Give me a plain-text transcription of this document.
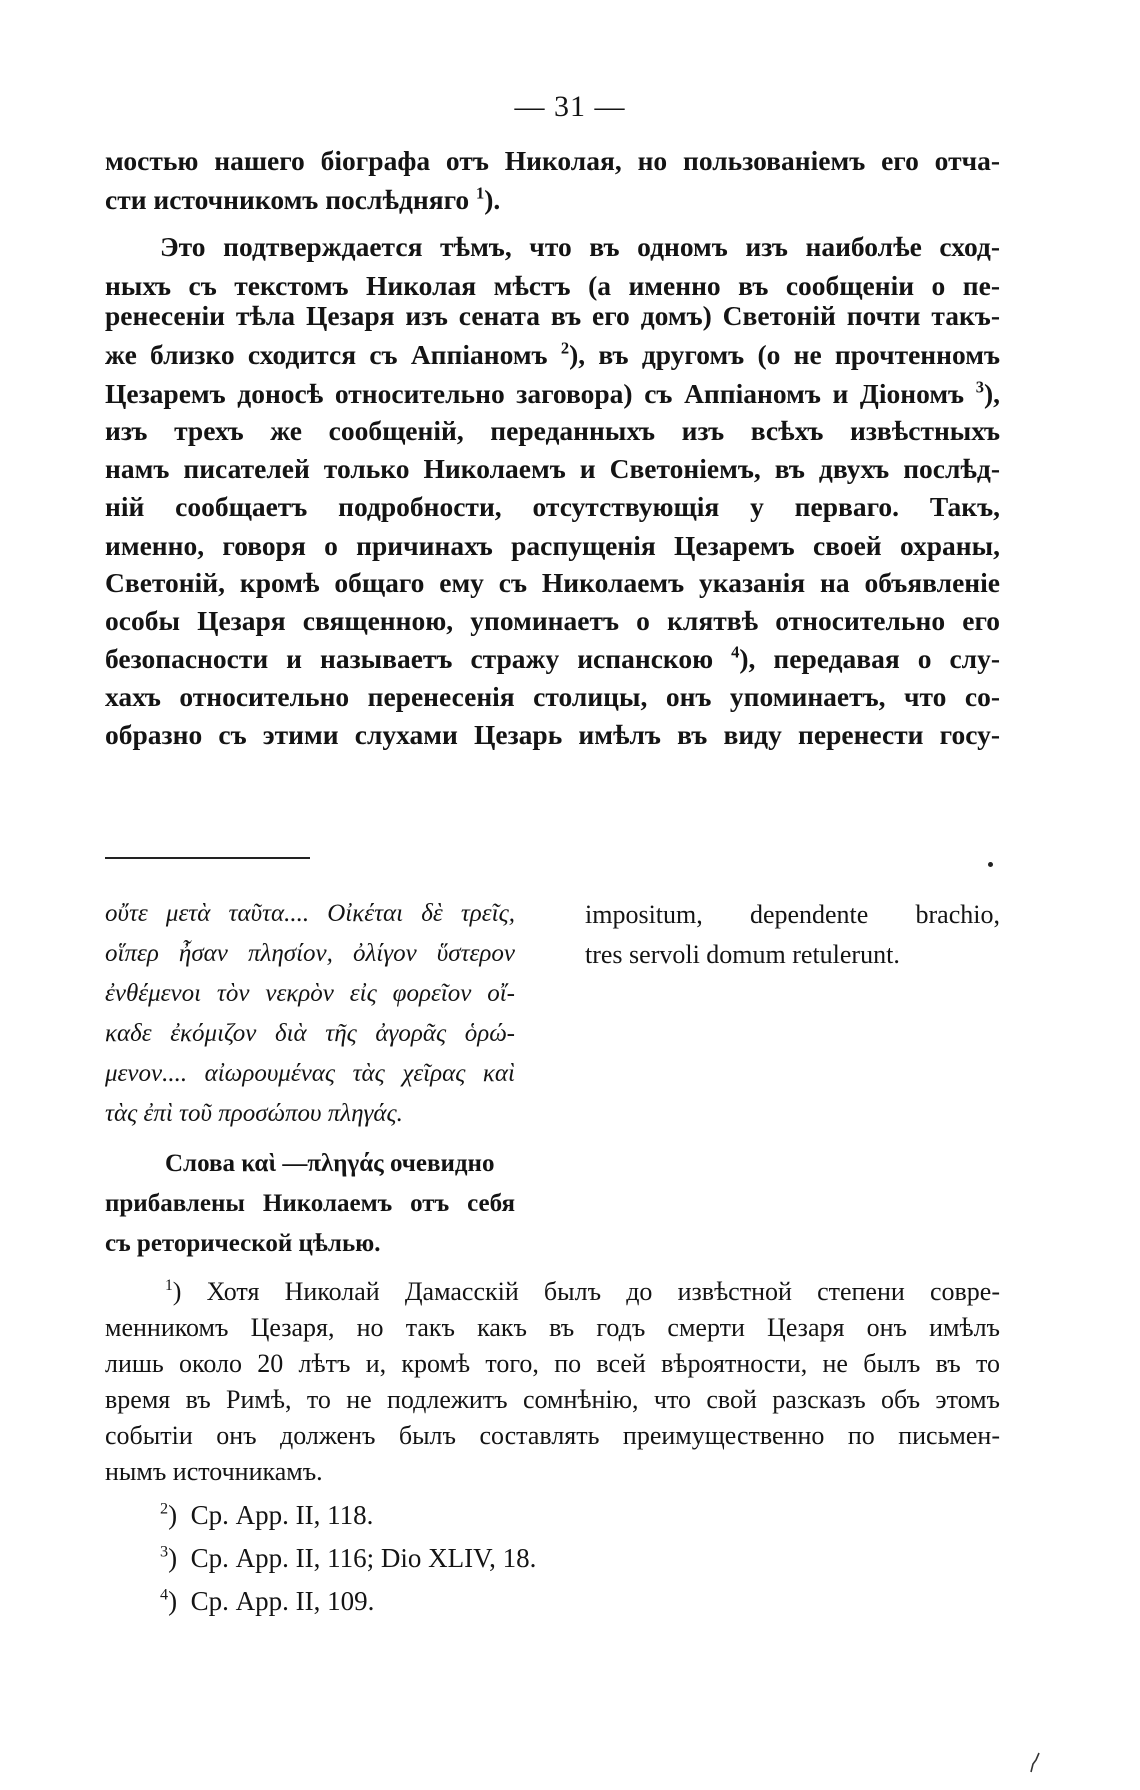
— 31 —
мостью нашего біографа отъ Николая, но пользованіемъ его отча-
сти источникомъ послѣдняго $^1$).
Это подтверждается тѣмъ, что въ одномъ изъ наиболѣе сход-
ныхъ съ текстомъ Николая мѣстъ (а именно въ сообщеніи о пе-
ренесеніи тѣла Цезаря изъ сената въ его домъ) Светоній почти такъ-
же близко сходится съ Аппіаномъ $^2$), въ другомъ (о не прочтенномъ
Цезаремъ доносѣ относительно заговора) съ Аппіаномъ и Діономъ $^3$),
изъ трехъ же сообщеній, переданныхъ изъ всѣхъ извѣстныхъ
намъ писателей только Николаемъ и Светоніемъ, въ двухъ послѣд-
ній сообщаетъ подробности, отсутствующія у перваго. Такъ,
именно, говоря о причинахъ распущенія Цезаремъ своей охраны,
Светоній, кромѣ общаго ему съ Николаемъ указанія на объявленіе
особы Цезаря священною, упоминаетъ о клятвѣ относительно его
безопасности и называетъ стражу испанскою $^4$), передавая о слу-
хахъ относительно перенесенія столицы, онъ упоминаетъ, что со-
образно съ этими слухами Цезарь имѣлъ въ виду перенести госу-
οὔτε μετὰ ταῦτα.... Οἰκέται δὲ τρεῖς,
οἵπερ ἦσαν πλησίον, ὀλίγον ὕστερον
ἐνθέμενοι τὸν νεκρὸν εἰς φορεῖον οἴ-
καδε ἐκόμιζον διὰ τῆς ἀγορᾶς ὁρώ-
μενον.... αἰωρουμένας τὰς χεῖρας καὶ
τὰς ἐπὶ τοῦ προσώπου πληγάς.
impositum, dependente brachio,
tres servoli domum retulerunt.
Слова καὶ —πληγάς очевидно
прибавлены Николаемъ отъ себя
съ реторической цѣлью.
$^1$) Хотя Николай Дамасскій былъ до извѣстной степени совре-
менникомъ Цезаря, но такъ какъ въ годъ смерти Цезаря онъ имѣлъ
лишь около 20 лѣтъ и, кромѣ того, по всей вѣроятности, не былъ въ то
время въ Римѣ, то не подлежитъ сомнѣнію, что свой разсказъ объ этомъ
событіи онъ долженъ былъ составлять преимущественно по письмен-
нымъ источникамъ.
$^2$)  Ср. App. II, 118.
$^3$)  Ср. App. II, 116; Dio XLIV, 18.
$^4$)  Ср. App. II, 109.
